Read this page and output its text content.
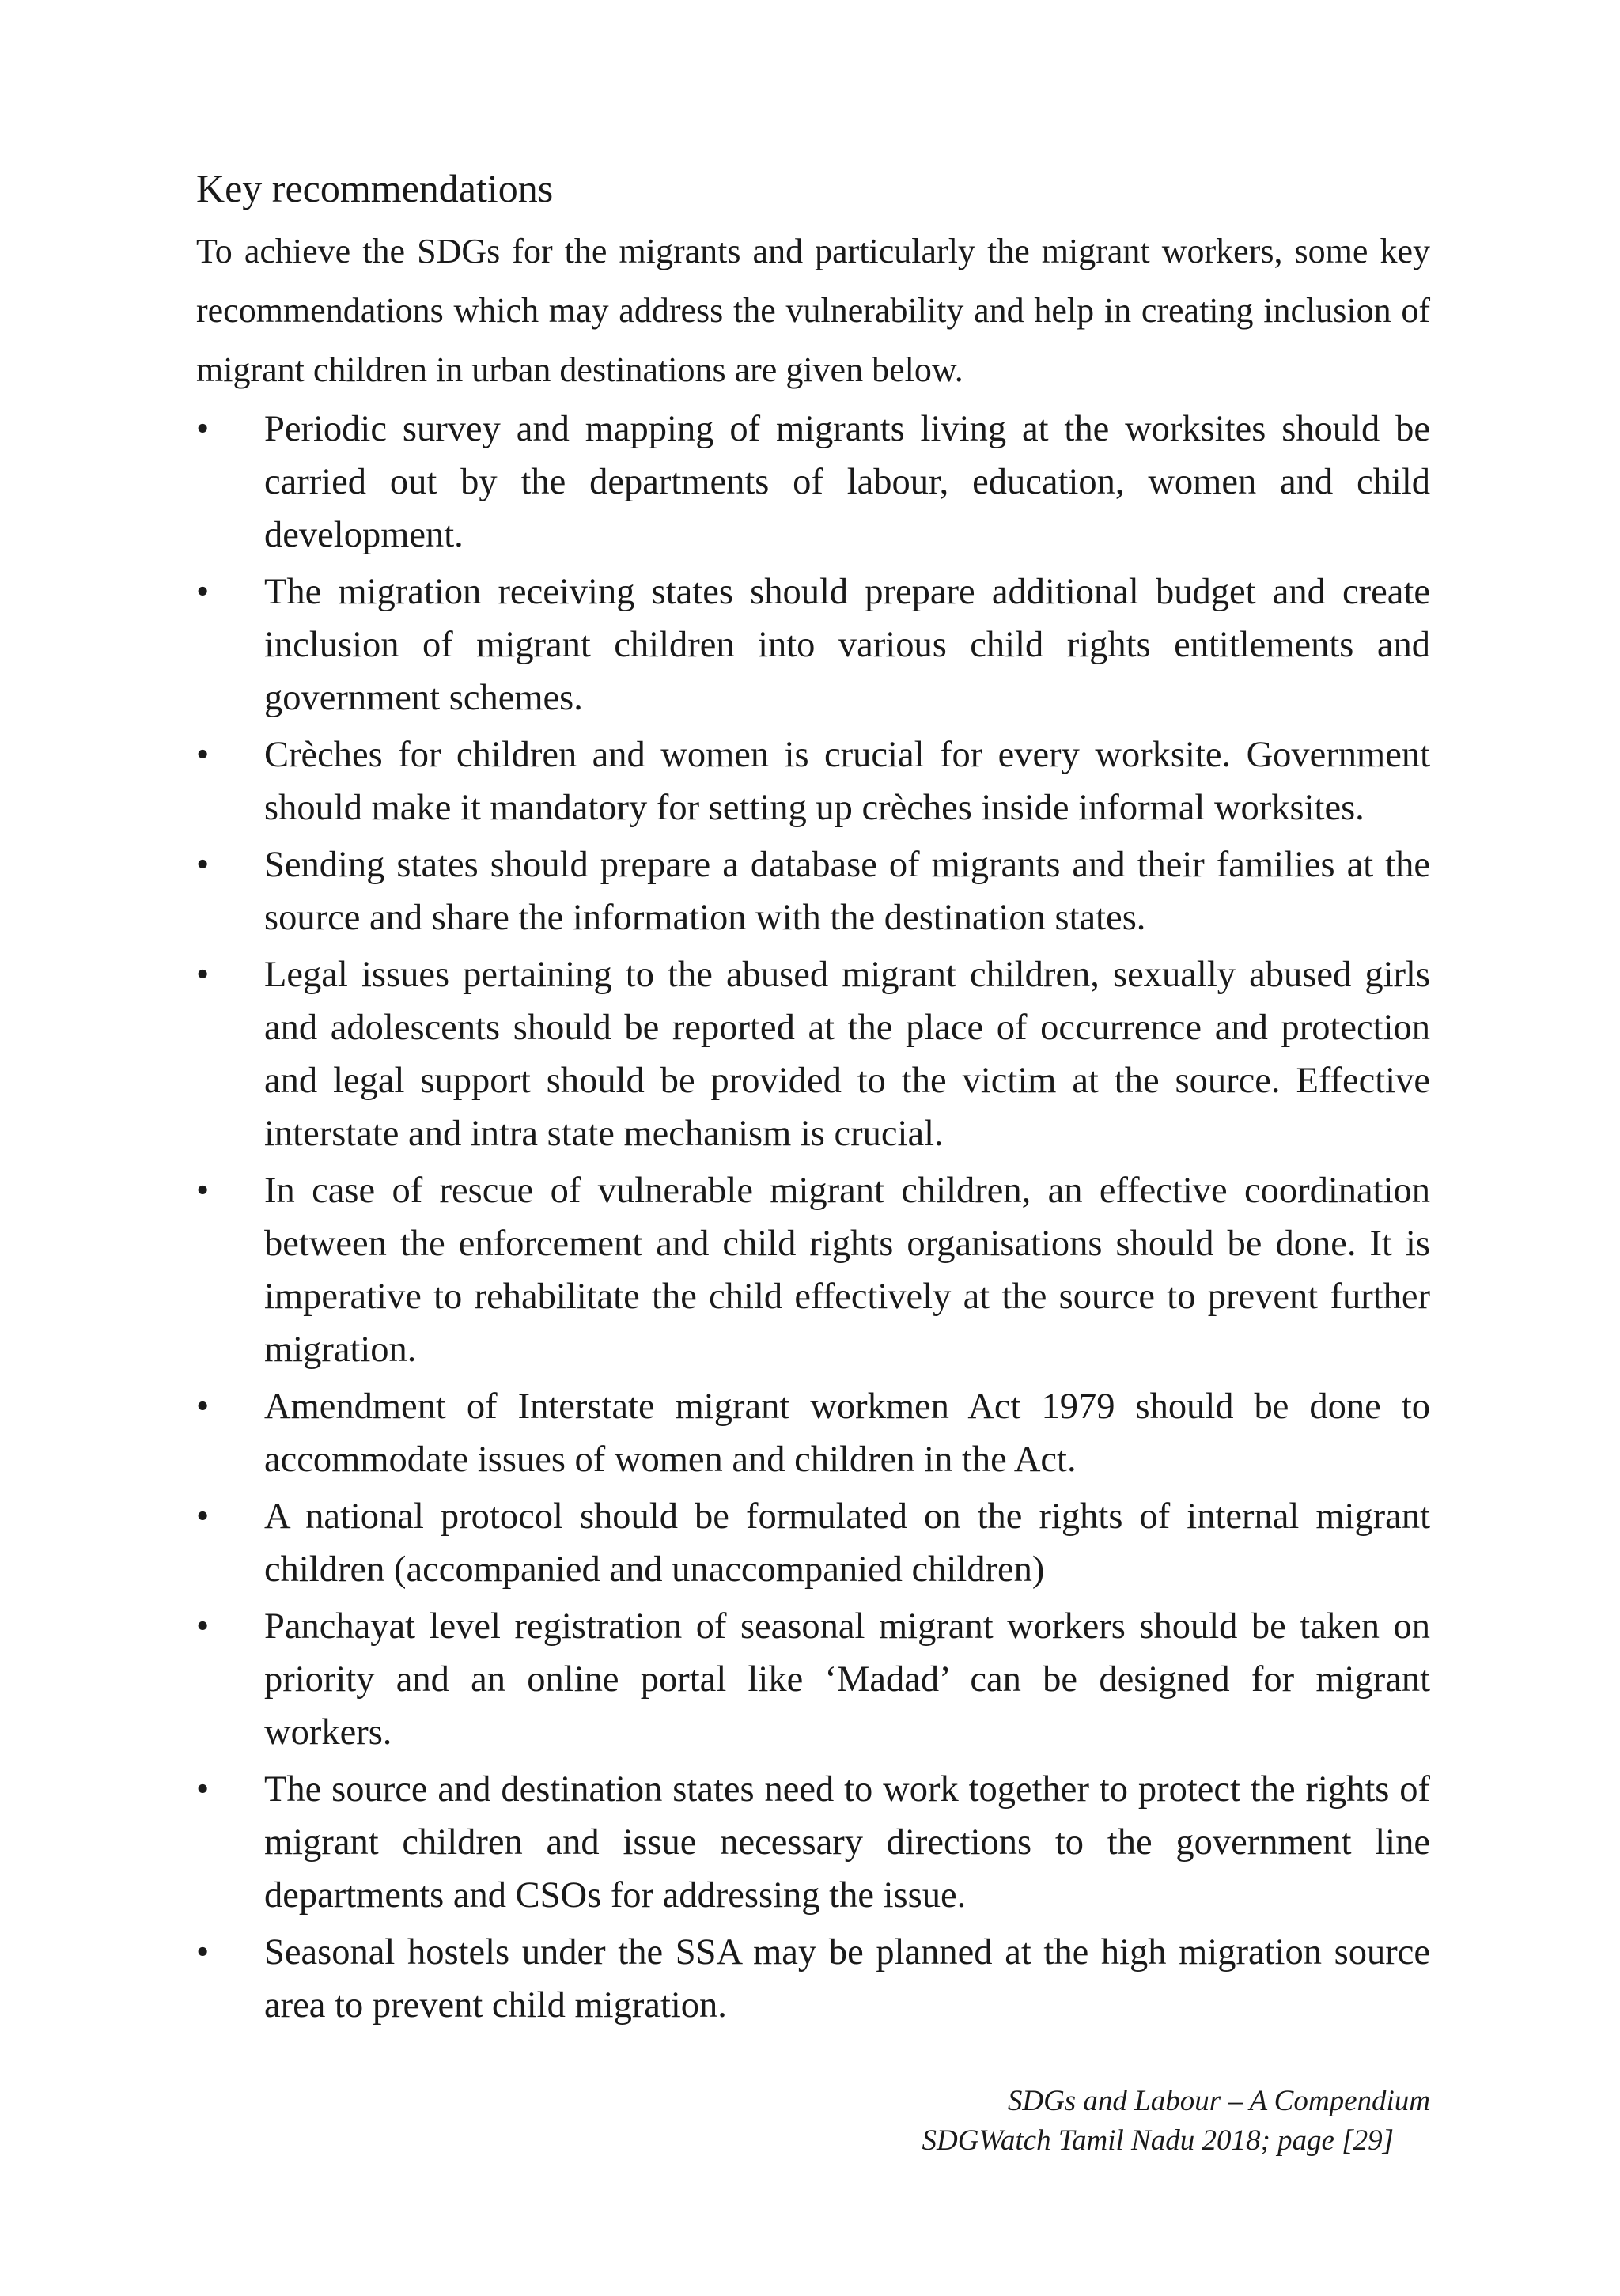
Key recommendations

To achieve the SDGs for the migrants and particularly the migrant workers, some key recommendations which may address the vulnerability and help in creating inclusion of migrant children in urban destinations are given below.

• Periodic survey and mapping of migrants living at the worksites should be carried out by the departments of labour, education, women and child development.
• The migration receiving states should prepare additional budget and create inclusion of migrant children into various child rights entitlements and government schemes.
• Crèches for children and women is crucial for every worksite. Government should make it mandatory for setting up crèches inside informal worksites.
• Sending states should prepare a database of migrants and their families at the source and share the information with the destination states.
• Legal issues pertaining to the abused migrant children, sexually abused girls and adolescents should be reported at the place of occurrence and protection and legal support should be provided to the victim at the source. Effective interstate and intra state mechanism is crucial.
• In case of rescue of vulnerable migrant children, an effective coordination between the enforcement and child rights organisations should be done. It is imperative to rehabilitate the child effectively at the source to prevent further migration.
• Amendment of Interstate migrant workmen Act 1979 should be done to accommodate issues of women and children in the Act.
• A national protocol should be formulated on the rights of internal migrant children (accompanied and unaccompanied children)
• Panchayat level registration of seasonal migrant workers should be taken on priority and an online portal like ‘Madad’ can be designed for migrant workers.
• The source and destination states need to work together to protect the rights of migrant children and issue necessary directions to the government line departments and CSOs for addressing the issue.
• Seasonal hostels under the SSA may be planned at the high migration source area to prevent child migration.
SDGs and Labour – A Compendium
SDGWatch Tamil Nadu 2018; page [29]
